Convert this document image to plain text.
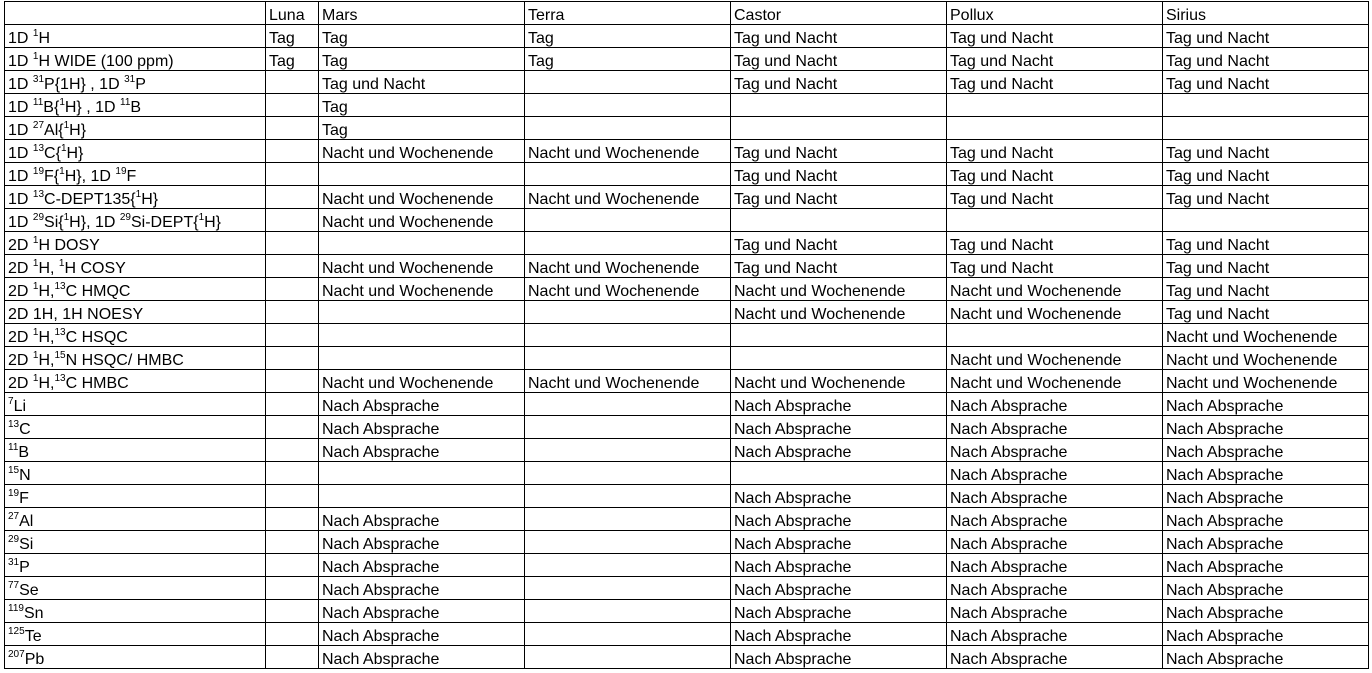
	Luna	Mars	Terra	Castor	Pollux	Sirius
1D $^1$H	Tag	Tag	Tag	Tag und Nacht	Tag und Nacht	Tag und Nacht
1D $^1$H WIDE (100 ppm)	Tag	Tag	Tag	Tag und Nacht	Tag und Nacht	Tag und Nacht
1D $^{31}$P{1H} , 1D $^{31}$P		Tag und Nacht		Tag und Nacht	Tag und Nacht	Tag und Nacht
1D $^{11}$B{$^1$H} , 1D $^{11}$B		Tag				
1D $^{27}$Al{$^1$H}		Tag				
1D $^{13}$C{$^1$H}		Nacht und Wochenende	Nacht und Wochenende	Tag und Nacht	Tag und Nacht	Tag und Nacht
1D $^{19}$F{$^1$H}, 1D $^{19}$F				Tag und Nacht	Tag und Nacht	Tag und Nacht
1D $^{13}$C-DEPT135{$^1$H}		Nacht und Wochenende	Nacht und Wochenende	Tag und Nacht	Tag und Nacht	Tag und Nacht
1D $^{29}$Si{$^1$H}, 1D $^{29}$Si-DEPT{$^1$H}		Nacht und Wochenende				
2D $^1$H DOSY				Tag und Nacht	Tag und Nacht	Tag und Nacht
2D $^1$H, $^1$H COSY		Nacht und Wochenende	Nacht und Wochenende	Tag und Nacht	Tag und Nacht	Tag und Nacht
2D $^1$H,$^{13}$C HMQC		Nacht und Wochenende	Nacht und Wochenende	Nacht und Wochenende	Nacht und Wochenende	Tag und Nacht
2D 1H, 1H NOESY				Nacht und Wochenende	Nacht und Wochenende	Tag und Nacht
2D $^1$H,$^{13}$C HSQC						Nacht und Wochenende
2D $^1$H,$^{15}$N HSQC/ HMBC					Nacht und Wochenende	Nacht und Wochenende
2D $^1$H,$^{13}$C HMBC		Nacht und Wochenende	Nacht und Wochenende	Nacht und Wochenende	Nacht und Wochenende	Nacht und Wochenende
$^7$Li		Nach Absprache		Nach Absprache	Nach Absprache	Nach Absprache
$^{13}$C		Nach Absprache		Nach Absprache	Nach Absprache	Nach Absprache
$^{11}$B		Nach Absprache		Nach Absprache	Nach Absprache	Nach Absprache
$^{15}$N					Nach Absprache	Nach Absprache
$^{19}$F				Nach Absprache	Nach Absprache	Nach Absprache
$^{27}$Al		Nach Absprache		Nach Absprache	Nach Absprache	Nach Absprache
$^{29}$Si		Nach Absprache		Nach Absprache	Nach Absprache	Nach Absprache
$^{31}$P		Nach Absprache		Nach Absprache	Nach Absprache	Nach Absprache
$^{77}$Se		Nach Absprache		Nach Absprache	Nach Absprache	Nach Absprache
$^{119}$Sn		Nach Absprache		Nach Absprache	Nach Absprache	Nach Absprache
$^{125}$Te		Nach Absprache		Nach Absprache	Nach Absprache	Nach Absprache
$^{207}$Pb		Nach Absprache		Nach Absprache	Nach Absprache	Nach Absprache
